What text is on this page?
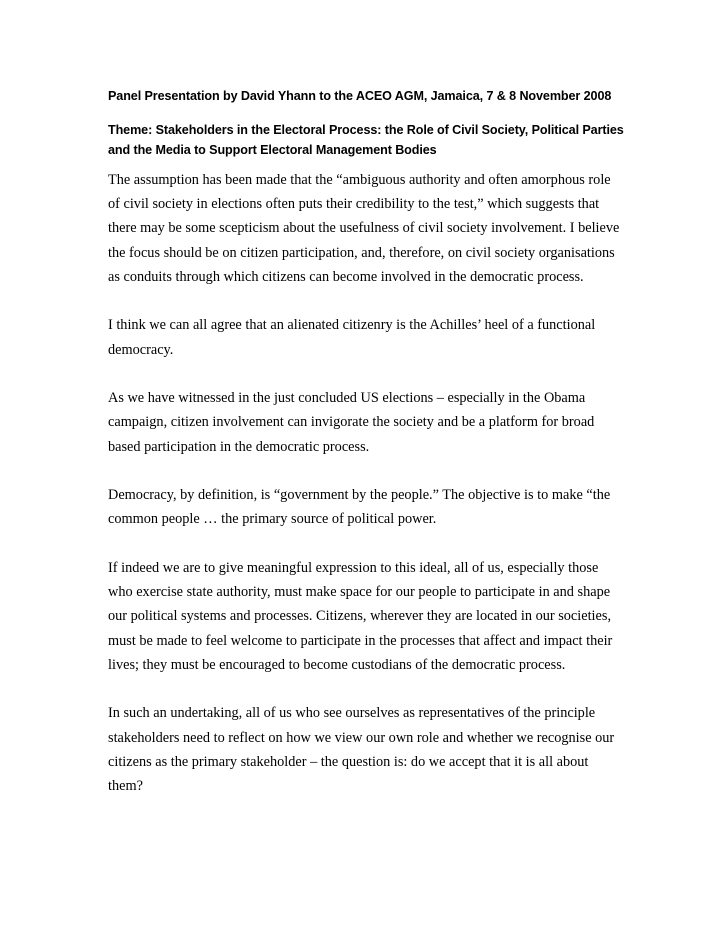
Panel Presentation by David Yhann to the ACEO AGM, Jamaica, 7 & 8 November 2008
Theme: Stakeholders in the Electoral Process: the Role of Civil Society, Political Parties and the Media to Support Electoral Management Bodies

The assumption has been made that the “ambiguous authority and often amorphous role of civil society in elections often puts their credibility to the test,” which suggests that there may be some scepticism about the usefulness of civil society involvement. I believe the focus should be on citizen participation, and, therefore, on civil society organisations as conduits through which citizens can become involved in the democratic process.

I think we can all agree that an alienated citizenry is the Achilles’ heel of a functional democracy.

As we have witnessed in the just concluded US elections – especially in the Obama campaign, citizen involvement can invigorate the society and be a platform for broad based participation in the democratic process.

Democracy, by definition, is “government by the people.” The objective is to make “the common people … the primary source of political power.

If indeed we are to give meaningful expression to this ideal, all of us, especially those who exercise state authority, must make space for our people to participate in and shape our political systems and processes. Citizens, wherever they are located in our societies, must be made to feel welcome to participate in the processes that affect and impact their lives; they must be encouraged to become custodians of the democratic process.

In such an undertaking, all of us who see ourselves as representatives of the principle stakeholders need to reflect on how we view our own role and whether we recognise our citizens as the primary stakeholder – the question is: do we accept that it is all about them?
